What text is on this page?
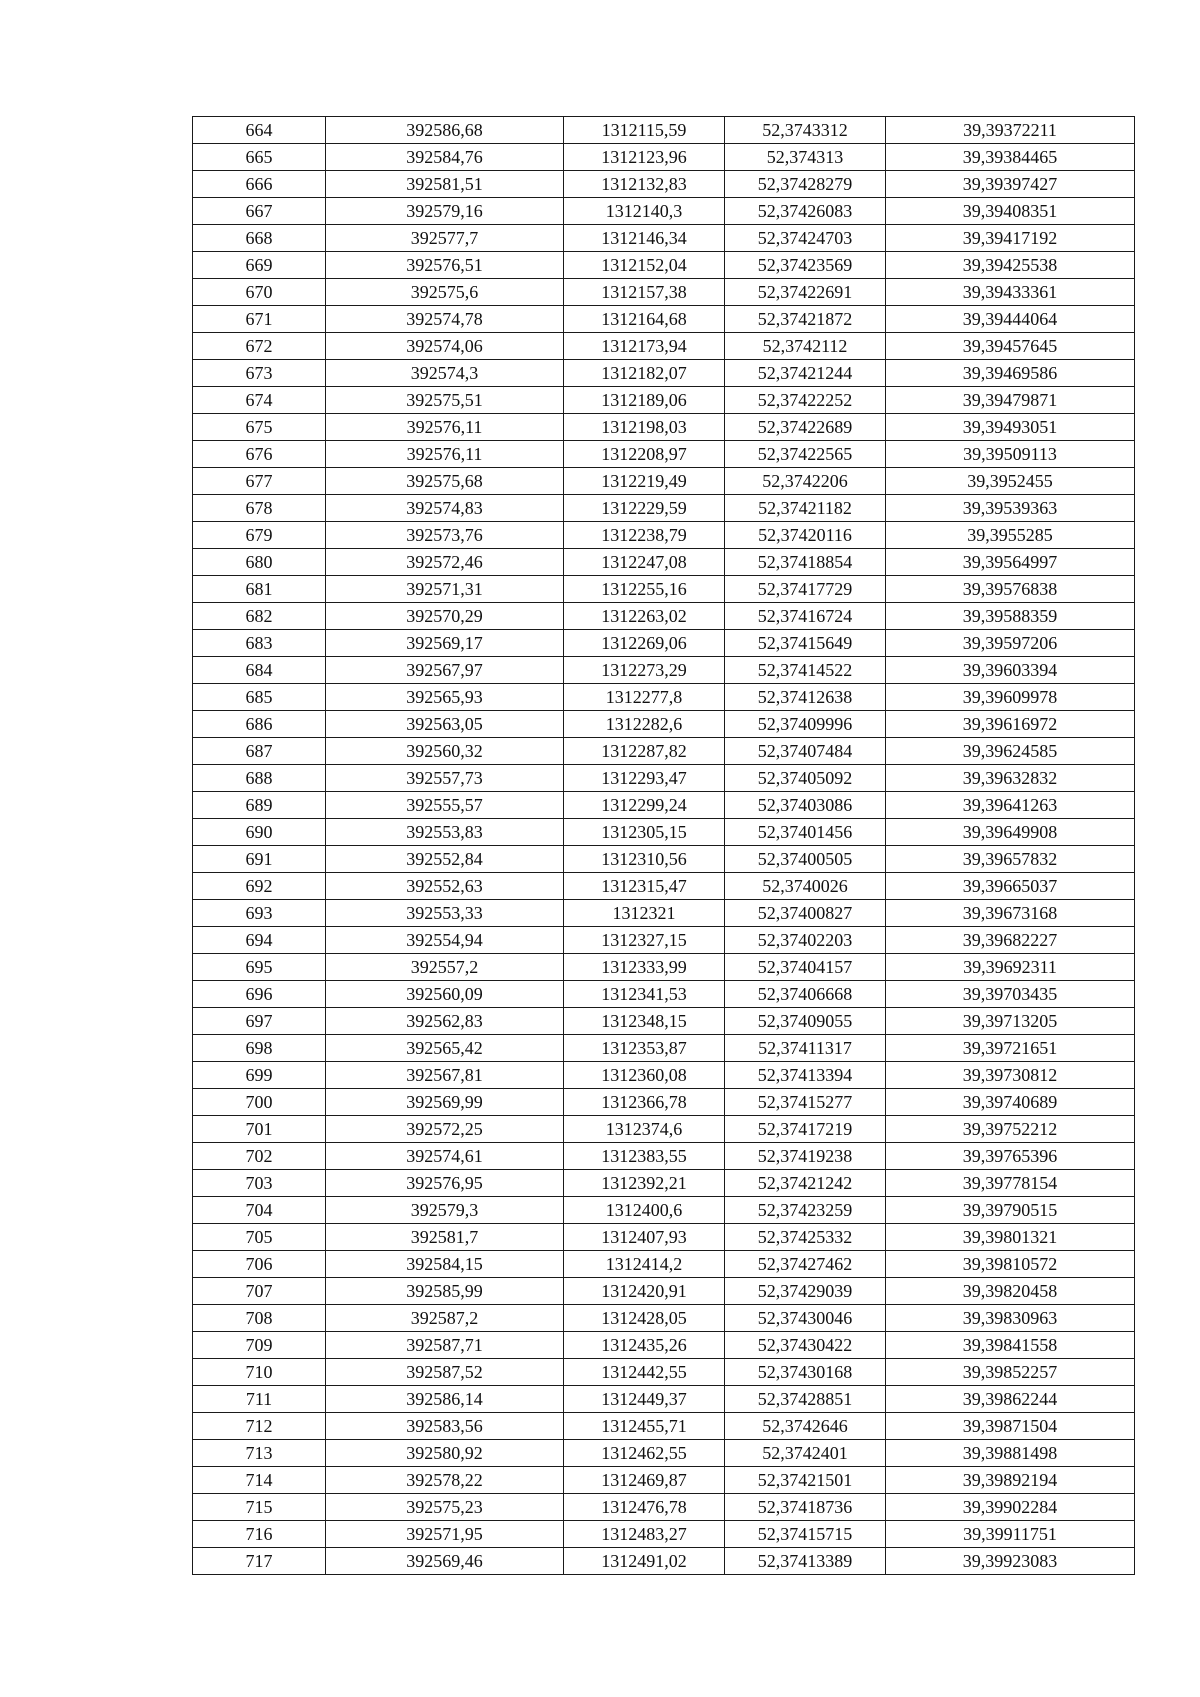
664	392586,68	1312115,59	52,3743312	39,39372211
665	392584,76	1312123,96	52,374313	39,39384465
666	392581,51	1312132,83	52,37428279	39,39397427
667	392579,16	1312140,3	52,37426083	39,39408351
668	392577,7	1312146,34	52,37424703	39,39417192
669	392576,51	1312152,04	52,37423569	39,39425538
670	392575,6	1312157,38	52,37422691	39,39433361
671	392574,78	1312164,68	52,37421872	39,39444064
672	392574,06	1312173,94	52,3742112	39,39457645
673	392574,3	1312182,07	52,37421244	39,39469586
674	392575,51	1312189,06	52,37422252	39,39479871
675	392576,11	1312198,03	52,37422689	39,39493051
676	392576,11	1312208,97	52,37422565	39,39509113
677	392575,68	1312219,49	52,3742206	39,3952455
678	392574,83	1312229,59	52,37421182	39,39539363
679	392573,76	1312238,79	52,37420116	39,3955285
680	392572,46	1312247,08	52,37418854	39,39564997
681	392571,31	1312255,16	52,37417729	39,39576838
682	392570,29	1312263,02	52,37416724	39,39588359
683	392569,17	1312269,06	52,37415649	39,39597206
684	392567,97	1312273,29	52,37414522	39,39603394
685	392565,93	1312277,8	52,37412638	39,39609978
686	392563,05	1312282,6	52,37409996	39,39616972
687	392560,32	1312287,82	52,37407484	39,39624585
688	392557,73	1312293,47	52,37405092	39,39632832
689	392555,57	1312299,24	52,37403086	39,39641263
690	392553,83	1312305,15	52,37401456	39,39649908
691	392552,84	1312310,56	52,37400505	39,39657832
692	392552,63	1312315,47	52,3740026	39,39665037
693	392553,33	1312321	52,37400827	39,39673168
694	392554,94	1312327,15	52,37402203	39,39682227
695	392557,2	1312333,99	52,37404157	39,39692311
696	392560,09	1312341,53	52,37406668	39,39703435
697	392562,83	1312348,15	52,37409055	39,39713205
698	392565,42	1312353,87	52,37411317	39,39721651
699	392567,81	1312360,08	52,37413394	39,39730812
700	392569,99	1312366,78	52,37415277	39,39740689
701	392572,25	1312374,6	52,37417219	39,39752212
702	392574,61	1312383,55	52,37419238	39,39765396
703	392576,95	1312392,21	52,37421242	39,39778154
704	392579,3	1312400,6	52,37423259	39,39790515
705	392581,7	1312407,93	52,37425332	39,39801321
706	392584,15	1312414,2	52,37427462	39,39810572
707	392585,99	1312420,91	52,37429039	39,39820458
708	392587,2	1312428,05	52,37430046	39,39830963
709	392587,71	1312435,26	52,37430422	39,39841558
710	392587,52	1312442,55	52,37430168	39,39852257
711	392586,14	1312449,37	52,37428851	39,39862244
712	392583,56	1312455,71	52,3742646	39,39871504
713	392580,92	1312462,55	52,3742401	39,39881498
714	392578,22	1312469,87	52,37421501	39,39892194
715	392575,23	1312476,78	52,37418736	39,39902284
716	392571,95	1312483,27	52,37415715	39,39911751
717	392569,46	1312491,02	52,37413389	39,39923083
